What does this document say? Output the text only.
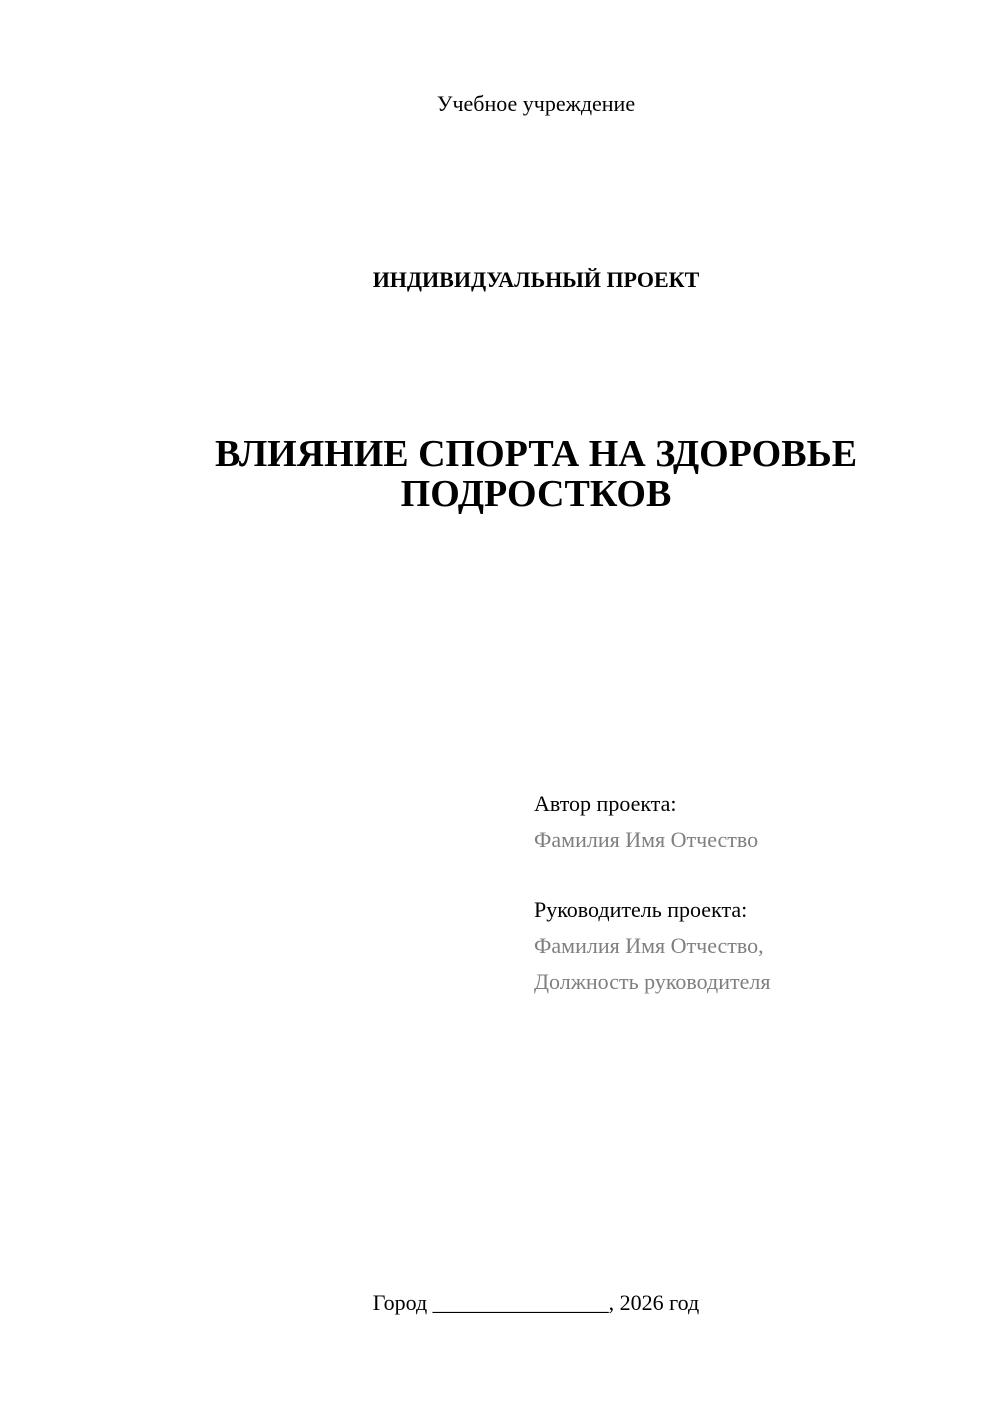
Учебное учреждение
ИНДИВИДУАЛЬНЫЙ ПРОЕКТ
ВЛИЯНИЕ СПОРТА НА ЗДОРОВЬЕ
ПОДРОСТКОВ
Автор проекта:
Фамилия Имя Отчество
Руководитель проекта:
Фамилия Имя Отчество,
Должность руководителя
Город ________________, 2026 год
